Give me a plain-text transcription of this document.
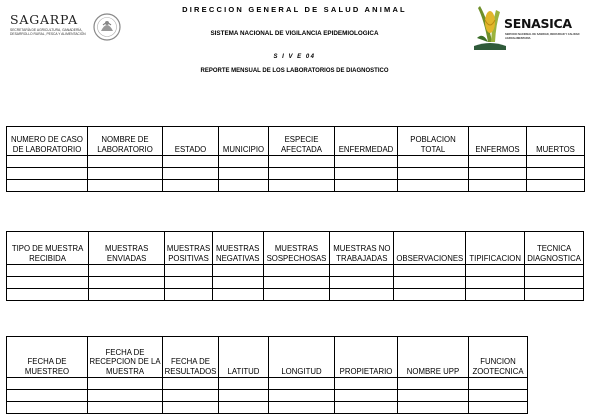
SAGARPA
SECRETARÍA DE AGRICULTURA, GANADERÍA, DESARROLLO RURAL, PESCA Y ALIMENTACIÓN
SENASICA
SERVICIO NACIONAL DE SANIDAD, INOCUIDAD Y CALIDAD AGROALIMENTARIA
DIRECCION GENERAL DE SALUD ANIMAL
SISTEMA NACIONAL DE VIGILANCIA EPIDEMIOLOGICA
S I V E 04
REPORTE MENSUAL DE LOS LABORATORIOS DE DIAGNOSTICO
NUMERO DE CASO DE LABORATORIO	NOMBRE DE LABORATORIO	ESTADO	MUNICIPIO	ESPECIE AFECTADA	ENFERMEDAD	POBLACION TOTAL	ENFERMOS	MUERTOS

TIPO DE MUESTRA RECIBIDA	MUESTRAS ENVIADAS	MUESTRAS POSITIVAS	MUESTRAS NEGATIVAS	MUESTRAS SOSPECHOSAS	MUESTRAS NO TRABAJADAS	OBSERVACIONES	TIPIFICACION	TECNICA DIAGNOSTICA

FECHA DE MUESTREO	FECHA DE RECEPCION DE LA MUESTRA	FECHA DE RESULTADOS	LATITUD	LONGITUD	PROPIETARIO	NOMBRE UPP	FUNCION ZOOTECNICA
